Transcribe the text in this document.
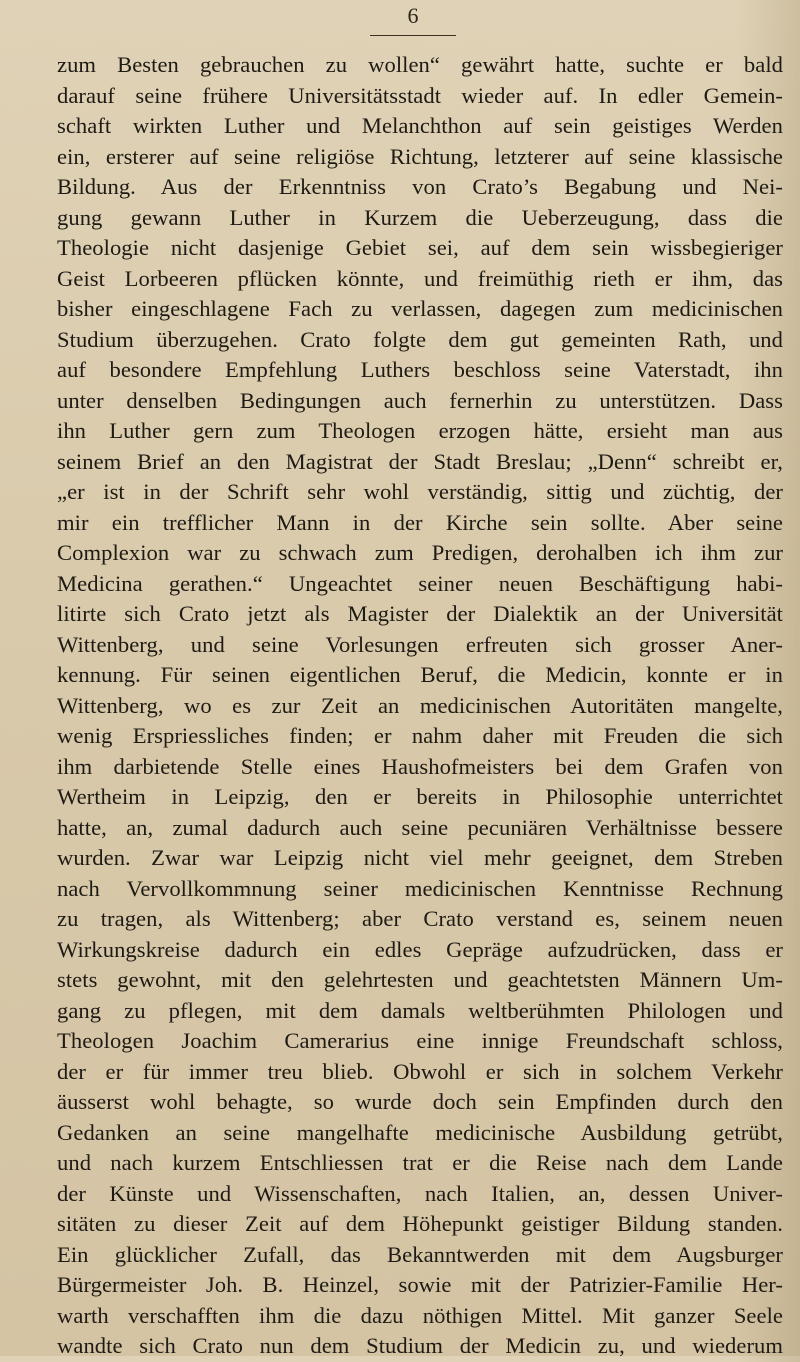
6
zum Besten gebrauchen zu wollen“ gewährt hatte, suchte er bald
darauf seine frühere Universitätsstadt wieder auf. In edler Gemein-
schaft wirkten Luther und Melanchthon auf sein geistiges Werden
ein, ersterer auf seine religiöse Richtung, letzterer auf seine klassische
Bildung. Aus der Erkenntniss von Crato’s Begabung und Nei-
gung gewann Luther in Kurzem die Ueberzeugung, dass die
Theologie nicht dasjenige Gebiet sei, auf dem sein wissbegieriger
Geist Lorbeeren pflücken könnte, und freimüthig rieth er ihm, das
bisher eingeschlagene Fach zu verlassen, dagegen zum medicinischen
Studium überzugehen. Crato folgte dem gut gemeinten Rath, und
auf besondere Empfehlung Luthers beschloss seine Vaterstadt, ihn
unter denselben Bedingungen auch fernerhin zu unterstützen. Dass
ihn Luther gern zum Theologen erzogen hätte, ersieht man aus
seinem Brief an den Magistrat der Stadt Breslau; „Denn“ schreibt er,
„er ist in der Schrift sehr wohl verständig, sittig und züchtig, der
mir ein trefflicher Mann in der Kirche sein sollte. Aber seine
Complexion war zu schwach zum Predigen, derohalben ich ihm zur
Medicina gerathen.“ Ungeachtet seiner neuen Beschäftigung habi-
litirte sich Crato jetzt als Magister der Dialektik an der Universität
Wittenberg, und seine Vorlesungen erfreuten sich grosser Aner-
kennung. Für seinen eigentlichen Beruf, die Medicin, konnte er in
Wittenberg, wo es zur Zeit an medicinischen Autoritäten mangelte,
wenig Erspriessliches finden; er nahm daher mit Freuden die sich
ihm darbietende Stelle eines Haushofmeisters bei dem Grafen von
Wertheim in Leipzig, den er bereits in Philosophie unterrichtet
hatte, an, zumal dadurch auch seine pecuniären Verhältnisse bessere
wurden. Zwar war Leipzig nicht viel mehr geeignet, dem Streben
nach Vervollkommnung seiner medicinischen Kenntnisse Rechnung
zu tragen, als Wittenberg; aber Crato verstand es, seinem neuen
Wirkungskreise dadurch ein edles Gepräge aufzudrücken, dass er
stets gewohnt, mit den gelehrtesten und geachtetsten Männern Um-
gang zu pflegen, mit dem damals weltberühmten Philologen und
Theologen Joachim Camerarius eine innige Freundschaft schloss,
der er für immer treu blieb. Obwohl er sich in solchem Verkehr
äusserst wohl behagte, so wurde doch sein Empfinden durch den
Gedanken an seine mangelhafte medicinische Ausbildung getrübt,
und nach kurzem Entschliessen trat er die Reise nach dem Lande
der Künste und Wissenschaften, nach Italien, an, dessen Univer-
sitäten zu dieser Zeit auf dem Höhepunkt geistiger Bildung standen.
Ein glücklicher Zufall, das Bekanntwerden mit dem Augsburger
Bürgermeister Joh. B. Heinzel, sowie mit der Patrizier-Familie Her-
warth verschafften ihm die dazu nöthigen Mittel. Mit ganzer Seele
wandte sich Crato nun dem Studium der Medicin zu, und wiederum
